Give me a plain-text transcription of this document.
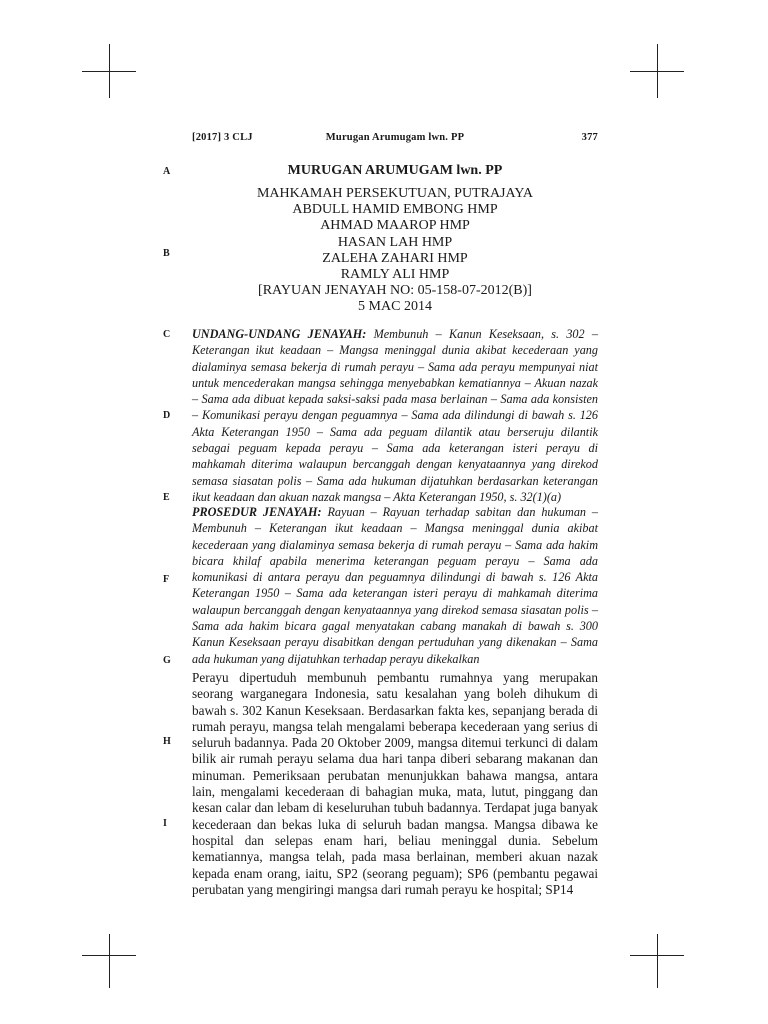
[2017] 3 CLJ	Murugan Arumugam lwn. PP	377
A
B
C
D
E
F
G
H
I
MURUGAN ARUMUGAM lwn. PP
MAHKAMAH PERSEKUTUAN, PUTRAJAYA
ABDULL HAMID EMBONG HMP
AHMAD MAAROP HMP
HASAN LAH HMP
ZALEHA ZAHARI HMP
RAMLY ALI HMP
[RAYUAN JENAYAH NO: 05-158-07-2012(B)]
5 MAC 2014
UNDANG-UNDANG JENAYAH: Membunuh – Kanun Keseksaan, s. 302 – Keterangan ikut keadaan – Mangsa meninggal dunia akibat kecederaan yang dialaminya semasa bekerja di rumah perayu – Sama ada perayu mempunyai niat untuk mencederakan mangsa sehingga menyebabkan kematiannya – Akuan nazak – Sama ada dibuat kepada saksi-saksi pada masa berlainan – Sama ada konsisten – Komunikasi perayu dengan peguamnya – Sama ada dilindungi di bawah s. 126 Akta Keterangan 1950 – Sama ada peguam dilantik atau berseruju dilantik sebagai peguam kepada perayu – Sama ada keterangan isteri perayu di mahkamah diterima walaupun bercanggah dengan kenyataannya yang direkod semasa siasatan polis – Sama ada hukuman dijatuhkan berdasarkan keterangan ikut keadaan dan akuan nazak mangsa – Akta Keterangan 1950, s. 32(1)(a)
PROSEDUR JENAYAH: Rayuan – Rayuan terhadap sabitan dan hukuman – Membunuh – Keterangan ikut keadaan – Mangsa meninggal dunia akibat kecederaan yang dialaminya semasa bekerja di rumah perayu – Sama ada hakim bicara khilaf apabila menerima keterangan peguam perayu – Sama ada komunikasi di antara perayu dan peguamnya dilindungi di bawah s. 126 Akta Keterangan 1950 – Sama ada keterangan isteri perayu di mahkamah diterima walaupun bercanggah dengan kenyataannya yang direkod semasa siasatan polis – Sama ada hakim bicara gagal menyatakan cabang manakah di bawah s. 300 Kanun Keseksaan perayu disabitkan dengan pertuduhan yang dikenakan – Sama ada hukuman yang dijatuhkan terhadap perayu dikekalkan
Perayu dipertuduh membunuh pembantu rumahnya yang merupakan seorang warganegara Indonesia, satu kesalahan yang boleh dihukum di bawah s. 302 Kanun Keseksaan. Berdasarkan fakta kes, sepanjang berada di rumah perayu, mangsa telah mengalami beberapa kecederaan yang serius di seluruh badannya. Pada 20 Oktober 2009, mangsa ditemui terkunci di dalam bilik air rumah perayu selama dua hari tanpa diberi sebarang makanan dan minuman. Pemeriksaan perubatan menunjukkan bahawa mangsa, antara lain, mengalami kecederaan di bahagian muka, mata, lutut, pinggang dan kesan calar dan lebam di keseluruhan tubuh badannya. Terdapat juga banyak kecederaan dan bekas luka di seluruh badan mangsa. Mangsa dibawa ke hospital dan selepas enam hari, beliau meninggal dunia. Sebelum kematiannya, mangsa telah, pada masa berlainan, memberi akuan nazak kepada enam orang, iaitu, SP2 (seorang peguam); SP6 (pembantu pegawai perubatan yang mengiringi mangsa dari rumah perayu ke hospital; SP14
